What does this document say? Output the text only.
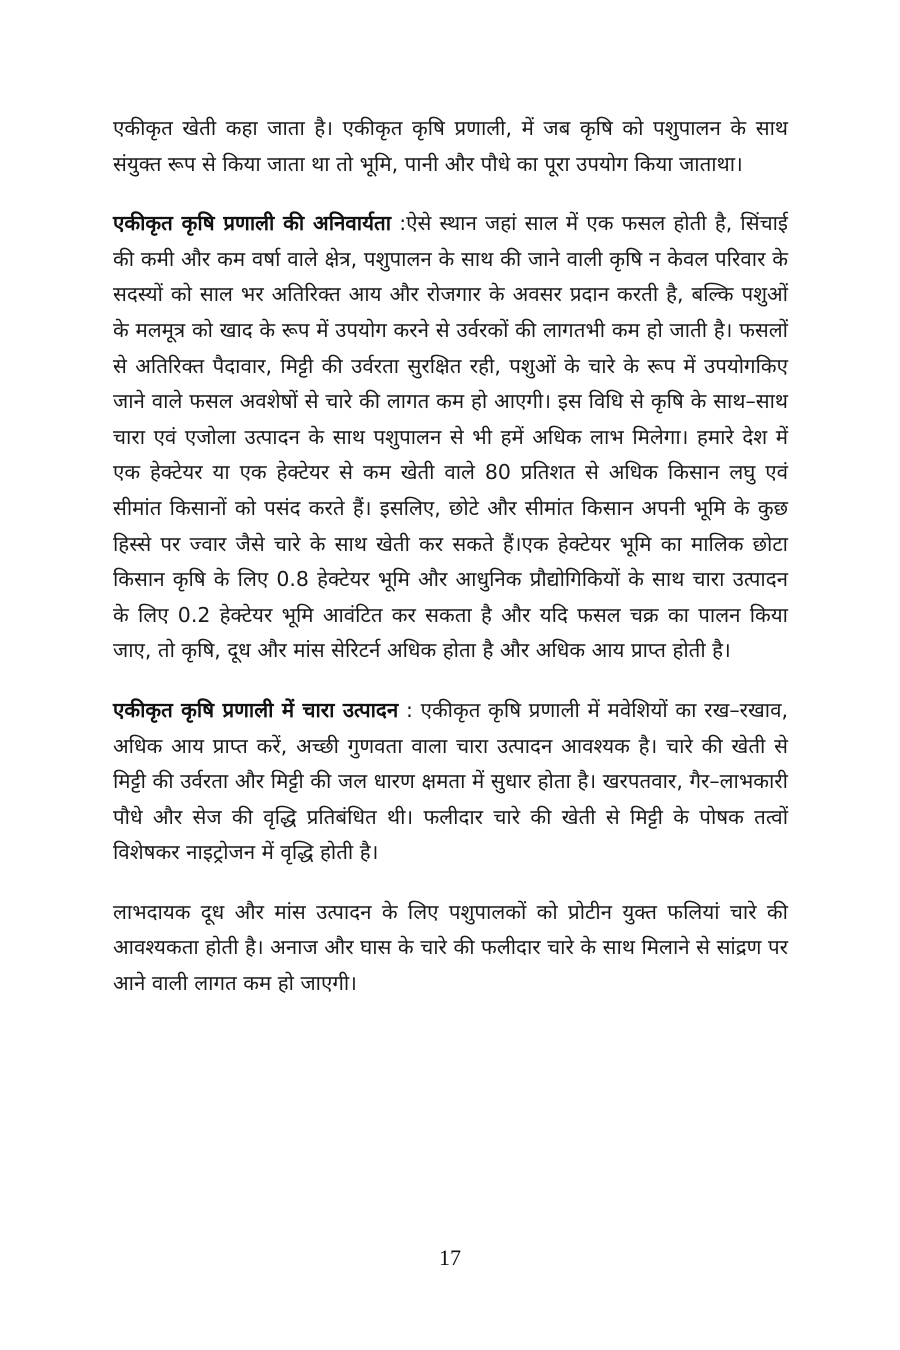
एकीकृत खेती कहा जाता है। एकीकृत कृषि प्रणाली, में जब कृषि को पशुपालन के साथ संयुक्त रूप से किया जाता था तो भूमि, पानी और पौधे का पूरा उपयोग किया जाताथा।

एकीकृत कृषि प्रणाली की अनिवार्यता :ऐसे स्थान जहां साल में एक फसल होती है, सिंचाई की कमी और कम वर्षा वाले क्षेत्र, पशुपालन के साथ की जाने वाली कृषि न केवल परिवार के सदस्यों को साल भर अतिरिक्त आय और रोजगार के अवसर प्रदान करती है, बल्कि पशुओं के मलमूत्र को खाद के रूप में उपयोग करने से उर्वरकों की लागतभी कम हो जाती है। फसलों से अतिरिक्त पैदावार, मिट्टी की उर्वरता सुरक्षित रही, पशुओं के चारे के रूप में उपयोगकिए जाने वाले फसल अवशेषों से चारे की लागत कम हो आएगी। इस विधि से कृषि के साथ–साथ चारा एवं एजोला उत्पादन के साथ पशुपालन से भी हमें अधिक लाभ मिलेगा। हमारे देश में एक हेक्टेयर या एक हेक्टेयर से कम खेती वाले 80 प्रतिशत से अधिक किसान लघु एवं सीमांत किसानों को पसंद करते हैं। इसलिए, छोटे और सीमांत किसान अपनी भूमि के कुछ हिस्से पर ज्वार जैसे चारे के साथ खेती कर सकते हैं।एक हेक्टेयर भूमि का मालिक छोटा किसान कृषि के लिए 0.8 हेक्टेयर भूमि और आधुनिक प्रौद्योगिकियों के साथ चारा उत्पादन के लिए 0.2 हेक्टेयर भूमि आवंटित कर सकता है और यदि फसल चक्र का पालन किया जाए, तो कृषि, दूध और मांस सेरिटर्न अधिक होता है और अधिक आय प्राप्त होती है।

एकीकृत कृषि प्रणाली में चारा उत्पादन : एकीकृत कृषि प्रणाली में मवेशियों का रख–रखाव, अधिक आय प्राप्त करें, अच्छी गुणवता वाला चारा उत्पादन आवश्यक है। चारे की खेती से मिट्टी की उर्वरता और मिट्टी की जल धारण क्षमता में सुधार होता है। खरपतवार, गैर–लाभकारी पौधे और सेज की वृद्धि प्रतिबंधित थी। फलीदार चारे की खेती से मिट्टी के पोषक तत्वों विशेषकर नाइट्रोजन में वृद्धि होती है।

लाभदायक दूध और मांस उत्पादन के लिए पशुपालकों को प्रोटीन युक्त फलियां चारे की आवश्यकता होती है। अनाज और घास के चारे की फलीदार चारे के साथ मिलाने से सांद्रण पर आने वाली लागत कम हो जाएगी।

17
